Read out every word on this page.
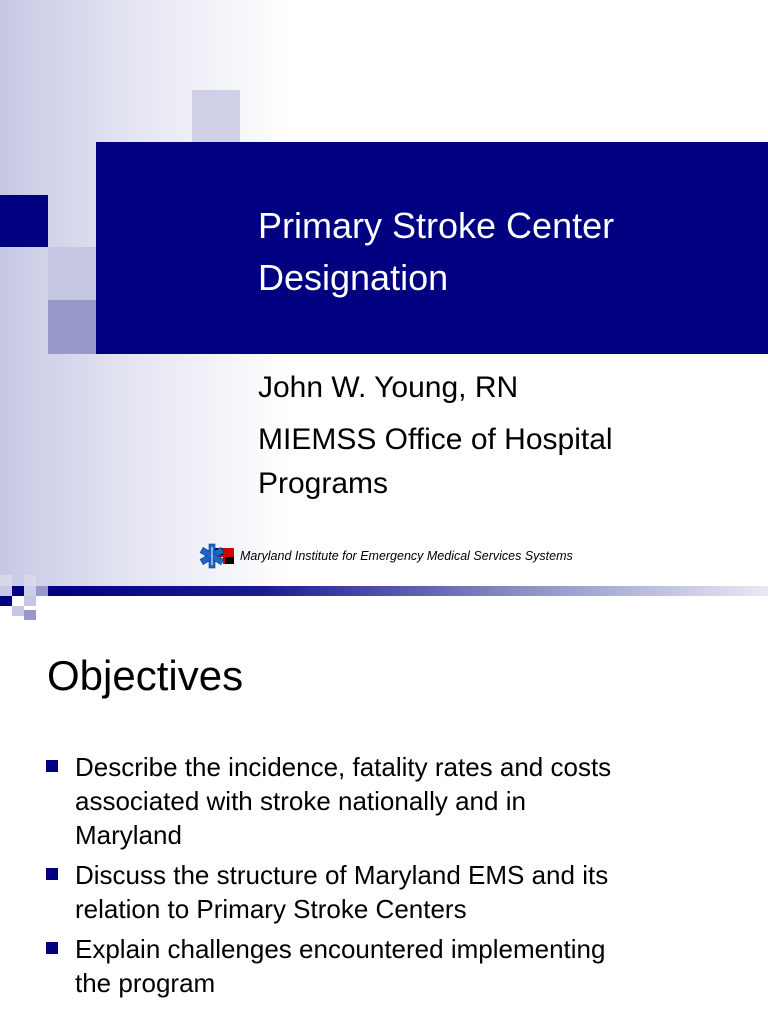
Primary Stroke Center
Designation
John W. Young, RN
MIEMSS Office of Hospital
Programs
Maryland Institute for Emergency Medical Services Systems
Objectives
Describe the incidence, fatality rates and costs
associated with stroke nationally and in
Maryland
Discuss the structure of Maryland EMS and its
relation to Primary Stroke Centers
Explain challenges encountered implementing
the program
